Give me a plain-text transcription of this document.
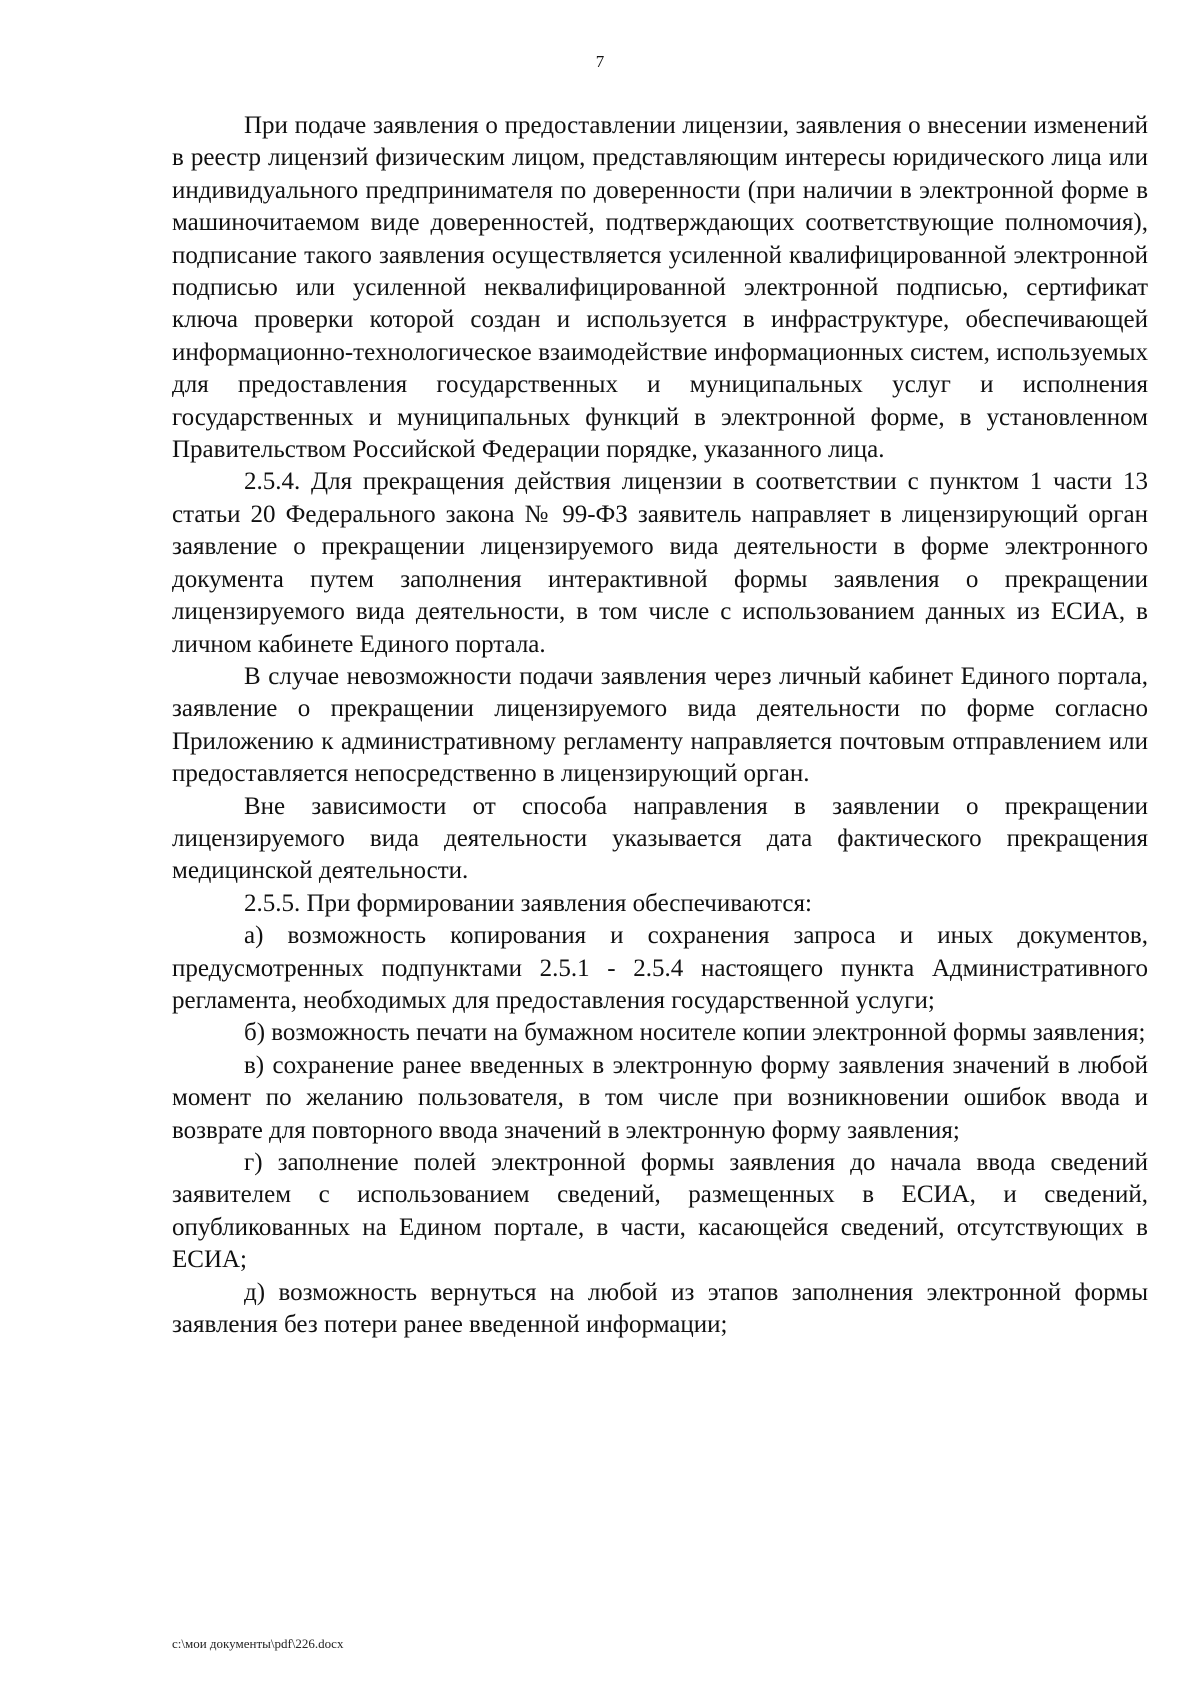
7

При подаче заявления о предоставлении лицензии, заявления о внесении изменений в реестр лицензий физическим лицом, представляющим интересы юридического лица или индивидуального предпринимателя по доверенности (при наличии в электронной форме в машиночитаемом виде доверенностей, подтверждающих соответствующие полномочия), подписание такого заявления осуществляется усиленной квалифицированной электронной подписью или усиленной неквалифицированной электронной подписью, сертификат ключа проверки которой создан и используется в инфраструктуре, обеспечивающей информационно-технологическое взаимодействие информационных систем, используемых для предоставления государственных и муниципальных услуг и исполнения государственных и муниципальных функций в электронной форме, в установленном Правительством Российской Федерации порядке, указанного лица.

2.5.4. Для прекращения действия лицензии в соответствии с пунктом 1 части 13 статьи 20 Федерального закона № 99-ФЗ заявитель направляет в лицензирующий орган заявление о прекращении лицензируемого вида деятельности в форме электронного документа путем заполнения интерактивной формы заявления о прекращении лицензируемого вида деятельности, в том числе с использованием данных из ЕСИА, в личном кабинете Единого портала.

В случае невозможности подачи заявления через личный кабинет Единого портала, заявление о прекращении лицензируемого вида деятельности по форме согласно Приложению к административному регламенту направляется почтовым отправлением или предоставляется непосредственно в лицензирующий орган.

Вне зависимости от способа направления в заявлении о прекращении лицензируемого вида деятельности указывается дата фактического прекращения медицинской деятельности.

2.5.5. При формировании заявления обеспечиваются:

а) возможность копирования и сохранения запроса и иных документов, предусмотренных подпунктами 2.5.1 - 2.5.4 настоящего пункта Административного регламента, необходимых для предоставления государственной услуги;

б) возможность печати на бумажном носителе копии электронной формы заявления;

в) сохранение ранее введенных в электронную форму заявления значений в любой момент по желанию пользователя, в том числе при возникновении ошибок ввода и возврате для повторного ввода значений в электронную форму заявления;

г) заполнение полей электронной формы заявления до начала ввода сведений заявителем с использованием сведений, размещенных в ЕСИА, и сведений, опубликованных на Едином портале, в части, касающейся сведений, отсутствующих в ЕСИА;

д) возможность вернуться на любой из этапов заполнения электронной формы заявления без потери ранее введенной информации;

c:\мои документы\pdf\226.docx
